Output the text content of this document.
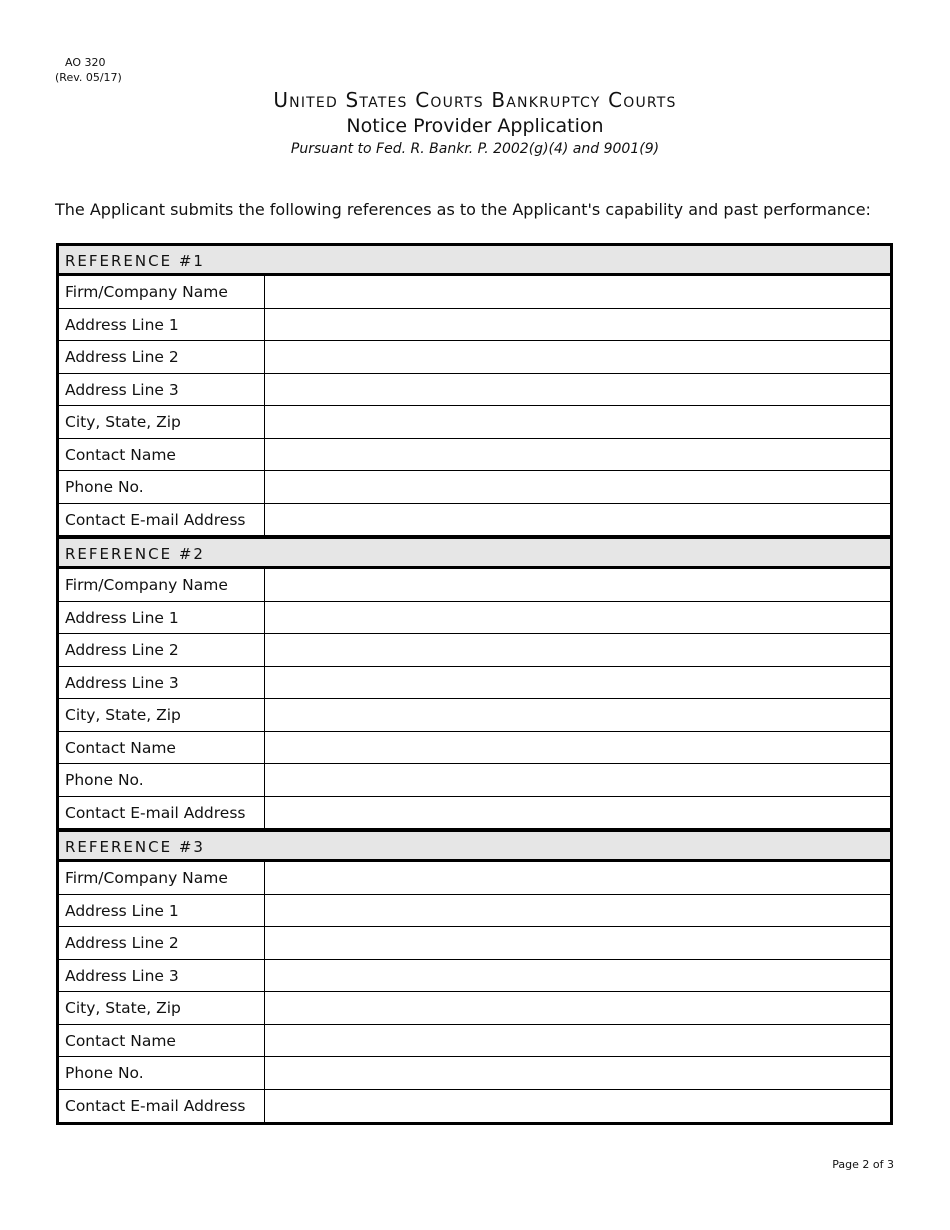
AO 320
(Rev. 05/17)
United States Courts Bankruptcy Courts
Notice Provider Application
Pursuant to Fed. R. Bankr. P. 2002(g)(4) and 9001(9)
The Applicant submits the following references as to the Applicant's capability and past performance:
REFERENCE #1
Firm/Company Name
Address Line 1
Address Line 2
Address Line 3
City, State, Zip
Contact Name
Phone No.
Contact E-mail Address
REFERENCE #2
Firm/Company Name
Address Line 1
Address Line 2
Address Line 3
City, State, Zip
Contact Name
Phone No.
Contact E-mail Address
REFERENCE #3
Firm/Company Name
Address Line 1
Address Line 2
Address Line 3
City, State, Zip
Contact Name
Phone No.
Contact E-mail Address
Page 2 of 3
